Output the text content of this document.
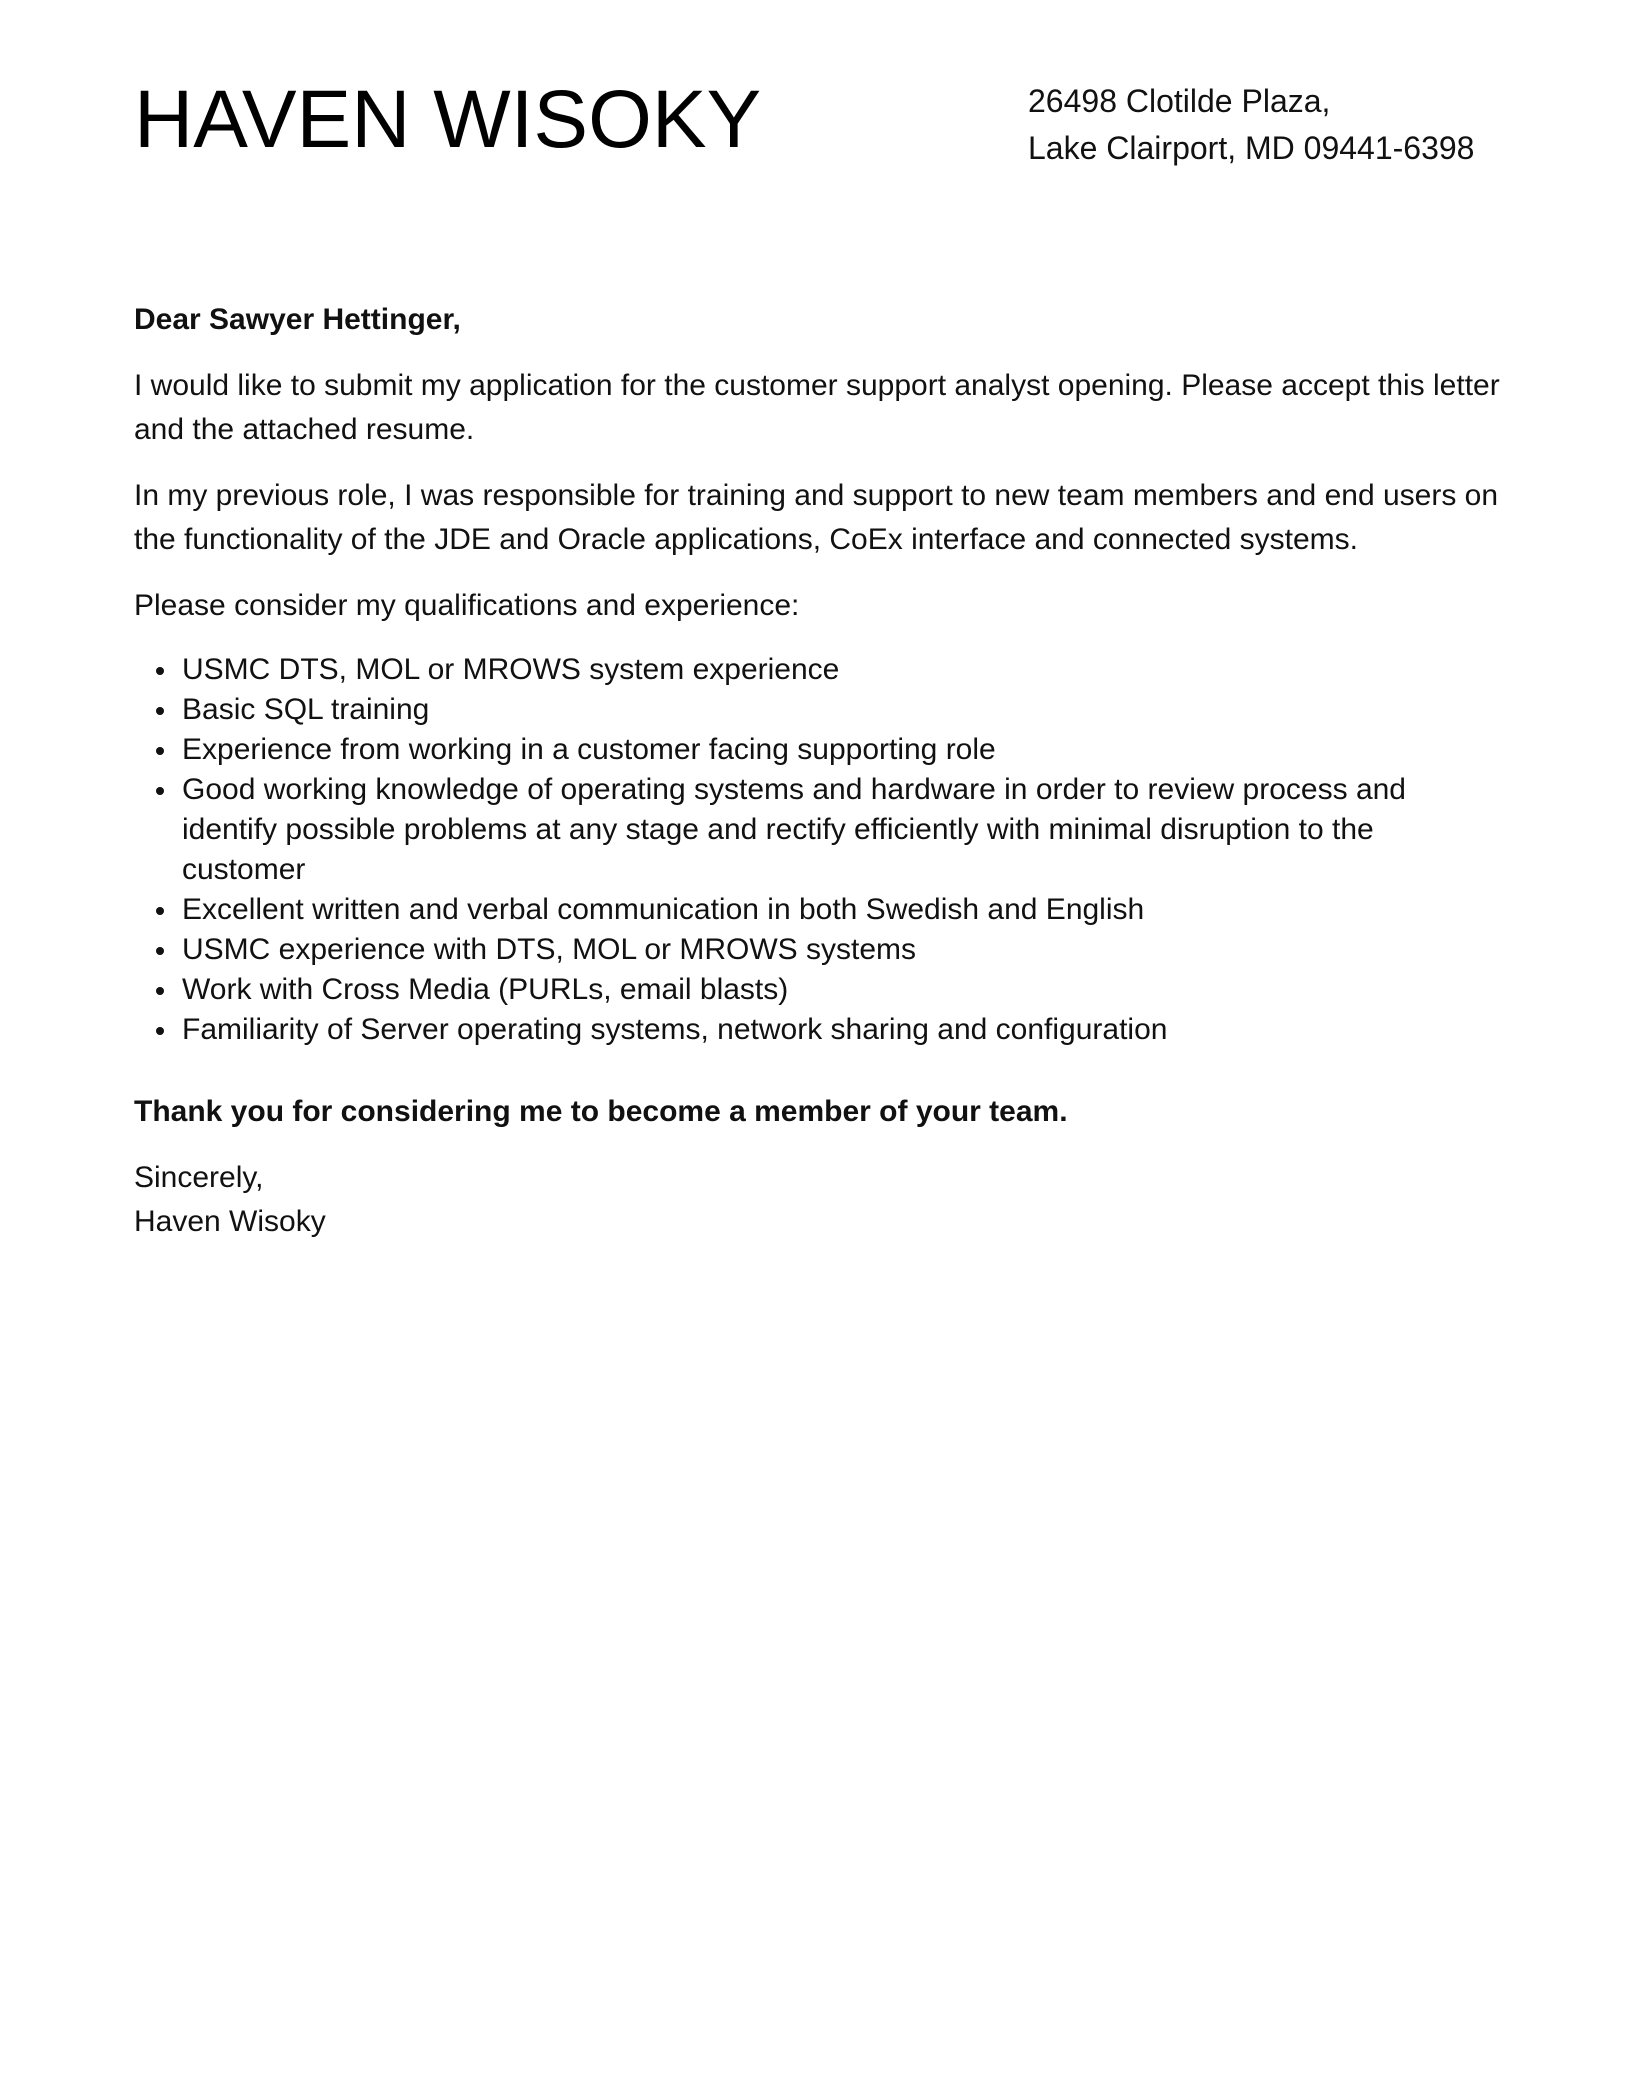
HAVEN WISOKY	26498 Clotilde Plaza,
Lake Clairport, MD 09441-6398

Dear Sawyer Hettinger,

I would like to submit my application for the customer support analyst opening. Please accept this letter and the attached resume.

In my previous role, I was responsible for training and support to new team members and end users on the functionality of the JDE and Oracle applications, CoEx interface and connected systems.

Please consider my qualifications and experience:

USMC DTS, MOL or MROWS system experience
Basic SQL training
Experience from working in a customer facing supporting role
Good working knowledge of operating systems and hardware in order to review process and identify possible problems at any stage and rectify efficiently with minimal disruption to the customer
Excellent written and verbal communication in both Swedish and English
USMC experience with DTS, MOL or MROWS systems
Work with Cross Media (PURLs, email blasts)
Familiarity of Server operating systems, network sharing and configuration

Thank you for considering me to become a member of your team.

Sincerely,
Haven Wisoky
